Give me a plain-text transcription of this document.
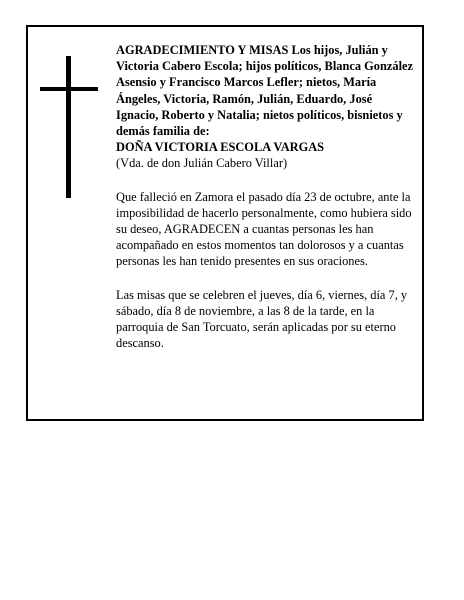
AGRADECIMIENTO Y MISAS Los hijos, Julián y Victoria Cabero Escola; hijos políticos, Blanca González Asensio y Francisco Marcos Lefler; nietos, María Ángeles, Victoria, Ramón, Julián, Eduardo, José Ignacio, Roberto y Natalia; nietos políticos, bisnietos y demás familia de:

DOÑA VICTORIA ESCOLA VARGAS

(Vda. de don Julián Cabero Villar)

Que falleció en Zamora el pasado día 23 de octubre, ante la imposibilidad de hacerlo personalmente, como hubiera sido su deseo, AGRADECEN a cuantas personas les han acompañado en estos momentos tan dolorosos y a cuantas personas les han tenido presentes en sus oraciones.

Las misas que se celebren el jueves, día 6, viernes, día 7, y sábado, día 8 de noviembre, a las 8 de la tarde, en la parroquia de San Torcuato, serán aplicadas por su eterno descanso.
